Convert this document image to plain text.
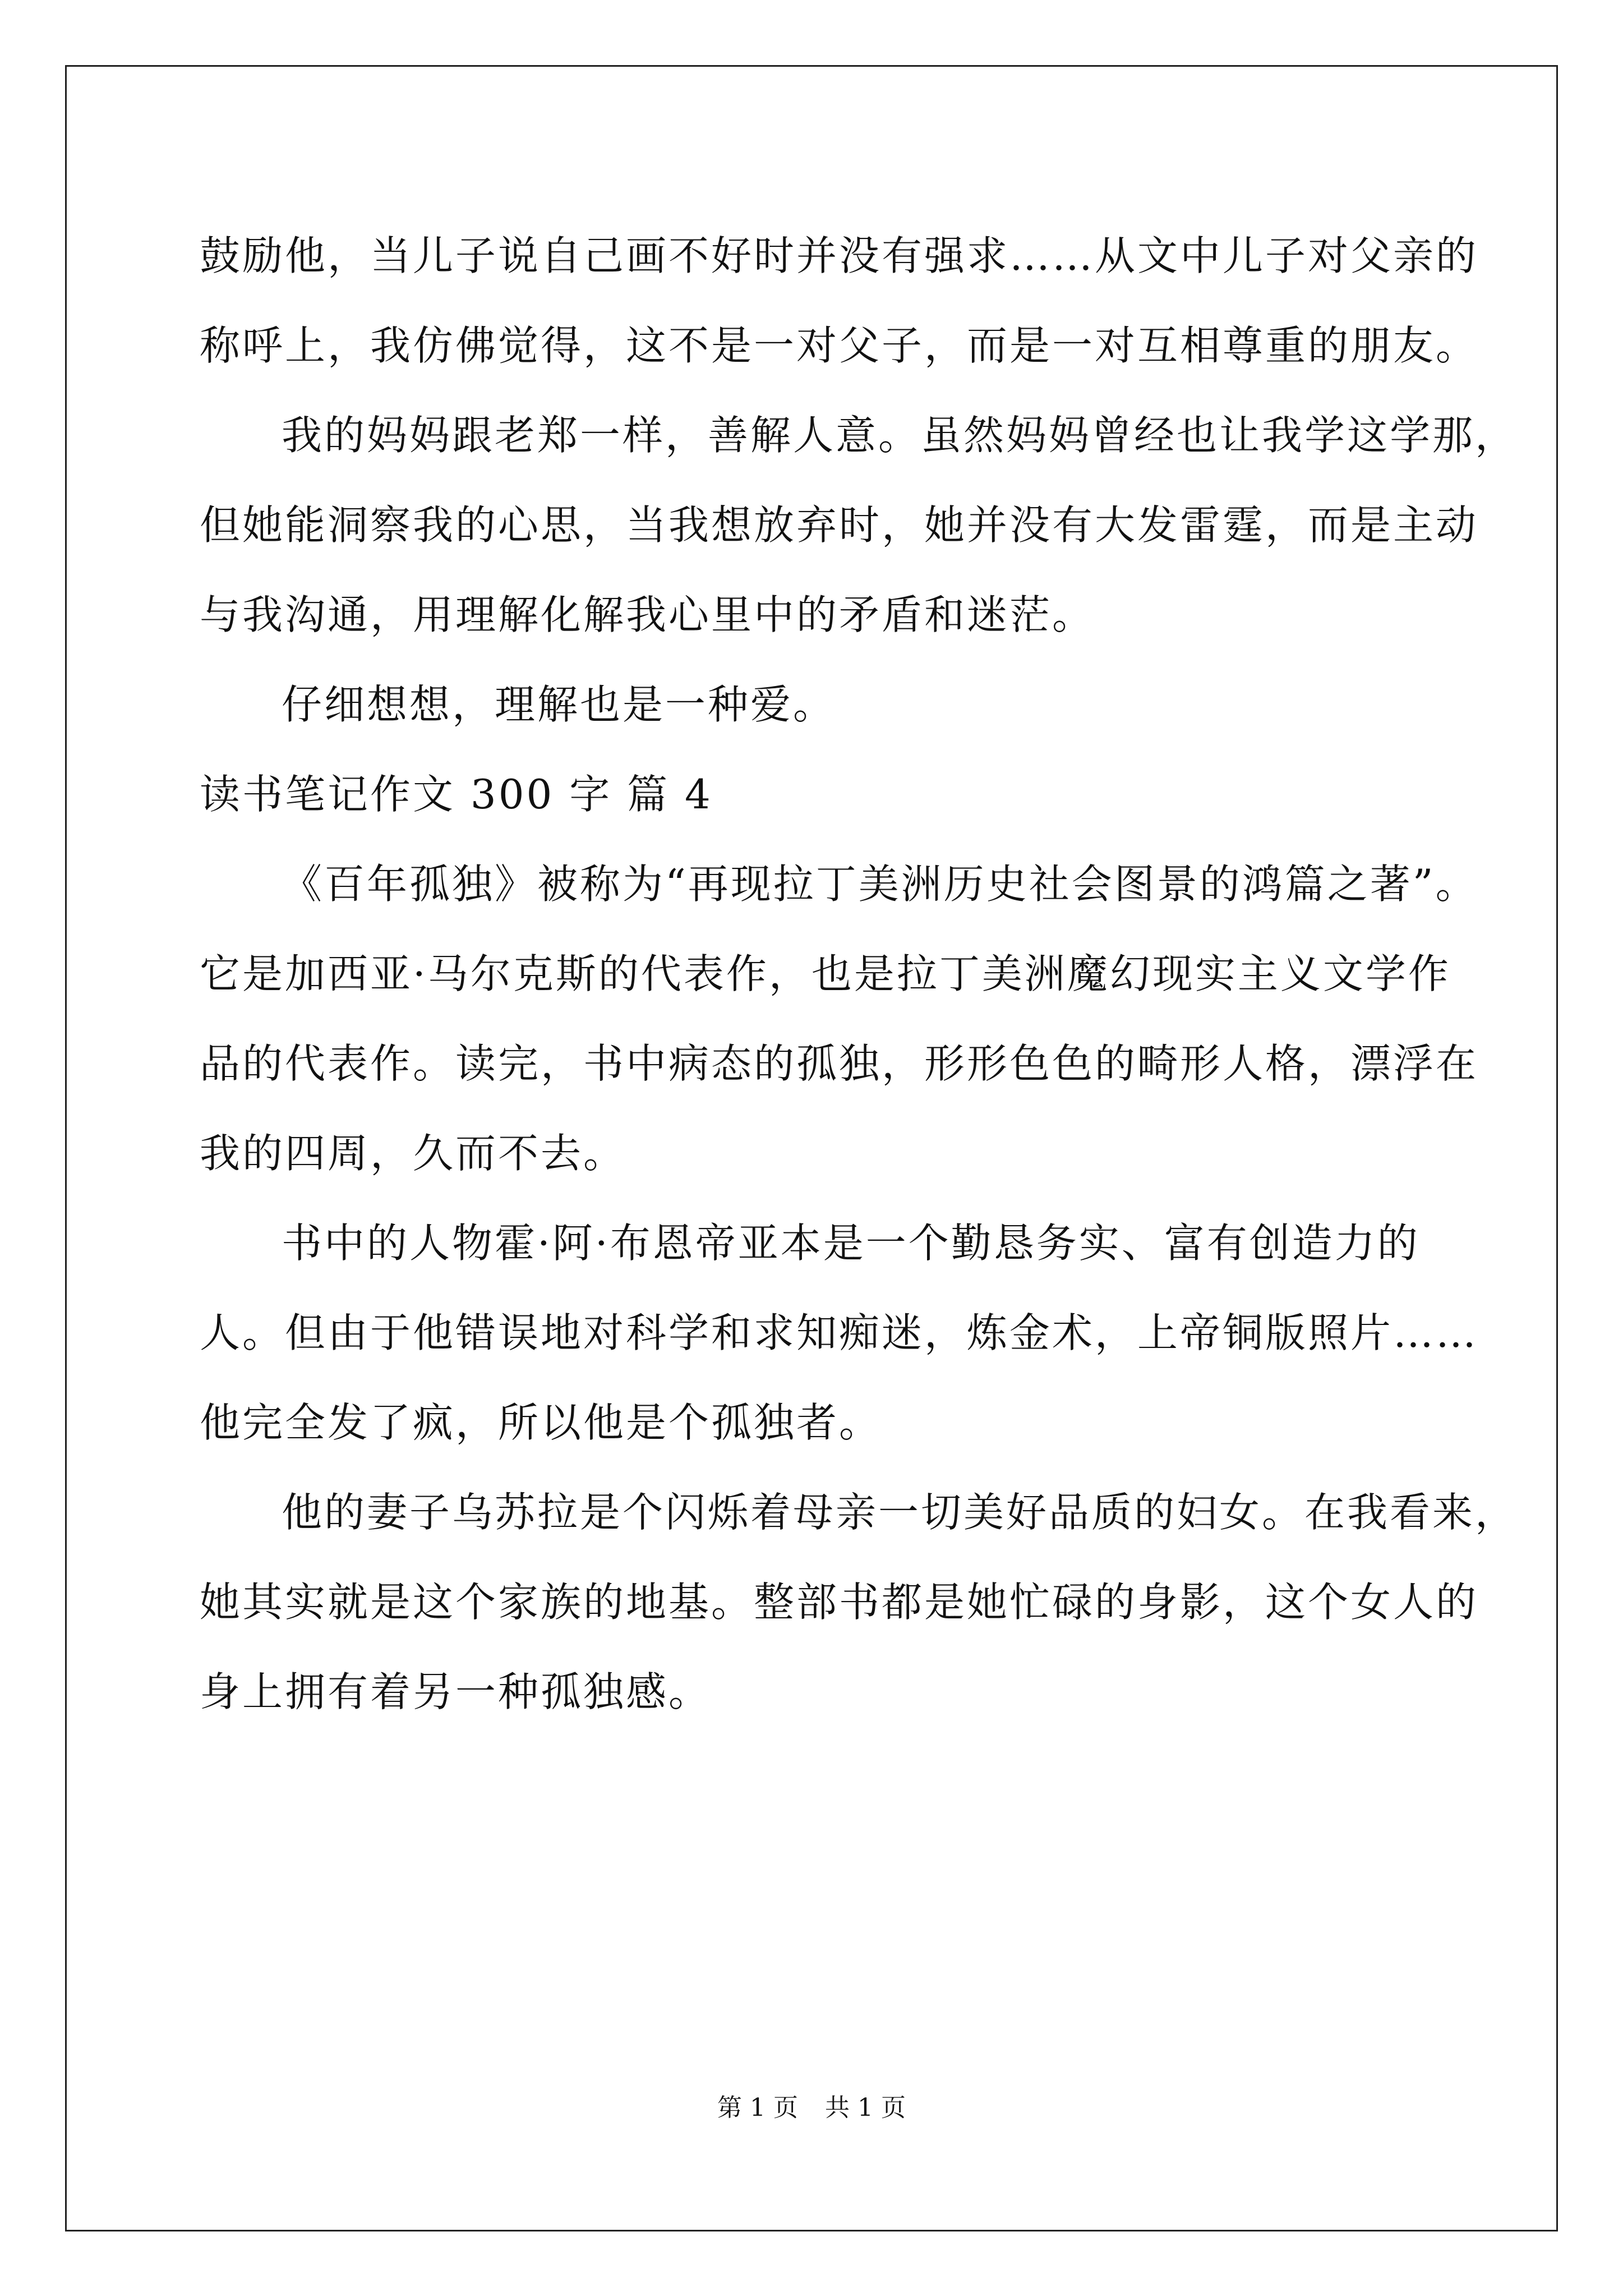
鼓励他，当儿子说自己画不好时并没有强求……从文中儿子对父亲的
称呼上，我仿佛觉得，这不是一对父子，而是一对互相尊重的朋友。
我的妈妈跟老郑一样，善解人意。虽然妈妈曾经也让我学这学那，
但她能洞察我的心思，当我想放弃时，她并没有大发雷霆，而是主动
与我沟通，用理解化解我心里中的矛盾和迷茫。
仔细想想，理解也是一种爱。
读书笔记作文 300 字 篇 4
《百年孤独》被称为“再现拉丁美洲历史社会图景的鸿篇之著”。
它是加西亚·马尔克斯的代表作，也是拉丁美洲魔幻现实主义文学作
品的代表作。读完，书中病态的孤独，形形色色的畸形人格，漂浮在
我的四周，久而不去。
书中的人物霍·阿·布恩帝亚本是一个勤恳务实、富有创造力的
人。但由于他错误地对科学和求知痴迷，炼金术，上帝铜版照片……
他完全发了疯，所以他是个孤独者。
他的妻子乌苏拉是个闪烁着母亲一切美好品质的妇女。在我看来，
她其实就是这个家族的地基。整部书都是她忙碌的身影，这个女人的
身上拥有着另一种孤独感。
第 1 页 共 1 页
